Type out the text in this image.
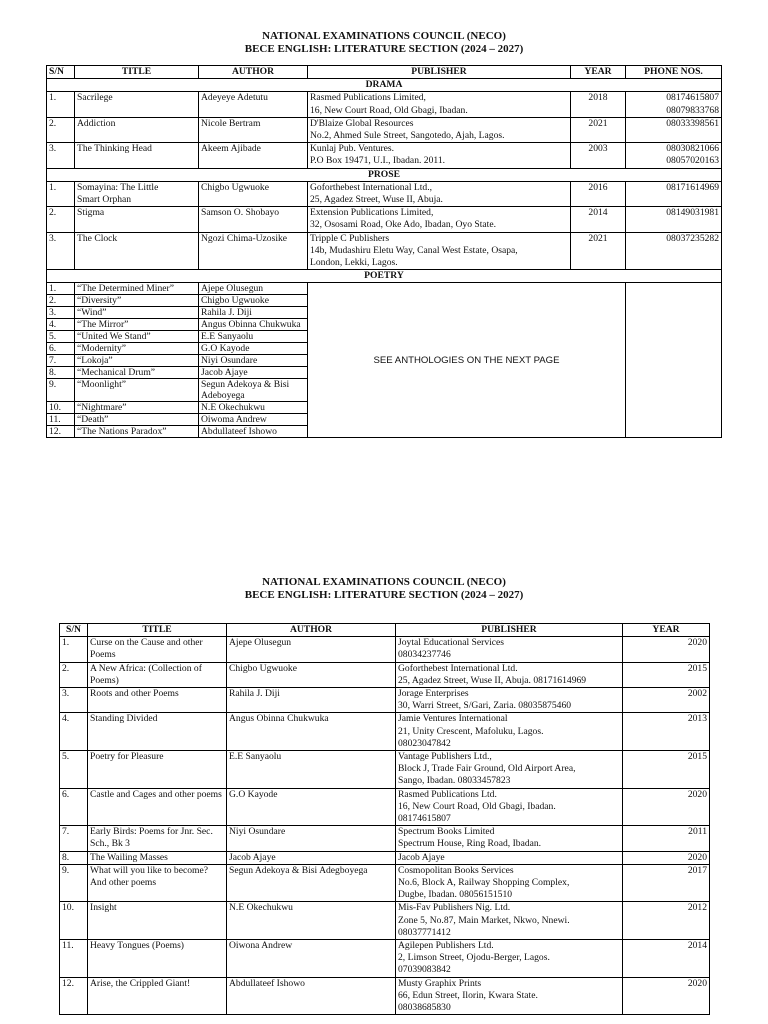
NATIONAL EXAMINATIONS COUNCIL (NECO)
BECE ENGLISH: LITERATURE SECTION (2024 – 2027)
S/N	TITLE	AUTHOR	PUBLISHER	YEAR	PHONE NOS.
DRAMA					
1.	Sacrilege	Adeyeye Adetutu	Rasmed Publications Limited,
16, New Court Road, Old Gbagi, Ibadan.	2018	08174615807
08079833768

2.	Addiction	Nicole Bertram	D'Blaize Global Resources
No.2, Ahmed Sule Street, Sangotedo, Ajah, Lagos.	2021	08033398561

3.	The Thinking Head	Akeem Ajibade	Kunlaj Pub. Ventures.
P.O Box 19471, U.I., Ibadan. 2011.	2003	08030821066
08057020163

PROSE					
1.	Somayina: The Little
Smart Orphan	Chigbo Ugwuoke	Goforthebest International Ltd.,
25, Agadez Street, Wuse II, Abuja.	2016	08171614969

2.	Stigma	Samson O. Shobayo	Extension Publications Limited,
32, Ososami Road, Oke Ado, Ibadan, Oyo State.	2014	08149031981

3.	The Clock	Ngozi Chima-Uzosike	Tripple C Publishers
14b, Mudashiru Eletu Way, Canal West Estate, Osapa,
London, Lekki, Lagos.	2021	08037235282

POETRY					
1.	“The Determined Miner”	Ajepe Olusegun	SEE ANTHOLOGIES ON THE NEXT PAGE		
2.	“Diversity”	Chigbo Ugwuoke			
3.	“Wind”	Rahila J. Diji			
4.	“The Mirror”	Angus Obinna Chukwuka			
5.	“United We Stand”	E.E Sanyaolu			
6.	“Modernity”	G.O Kayode			
7.	“Lokoja”	Niyi Osundare			
8.	“Mechanical Drum”	Jacob Ajaye			
9.	“Moonlight”	Segun Adekoya & Bisi Adeboyega			
10.	“Nightmare”	N.E Okechukwu			
11.	“Death”	Oiwoma Andrew			
12.	“The Nations Paradox”	Abdullateef Ishowo			
NATIONAL EXAMINATIONS COUNCIL (NECO)
BECE ENGLISH: LITERATURE SECTION (2024 – 2027)
S/N	TITLE	AUTHOR	PUBLISHER	YEAR
1.	Curse on the Cause and other
Poems	Ajepe Olusegun	Joytal Educational Services
08034237746	2020
2.	A New Africa: (Collection of
Poems)	Chigbo Ugwuoke	Goforthebest International Ltd.
25, Agadez Street, Wuse II, Abuja. 08171614969	2015
3.	Roots and other Poems	Rahila J. Diji	Jorage Enterprises
30, Warri Street, S/Gari, Zaria. 08035875460	2002
4.	Standing Divided	Angus Obinna Chukwuka	Jamie Ventures International
21, Unity Crescent, Mafoluku, Lagos.
08023047842	2013
5.	Poetry for Pleasure	E.E Sanyaolu	Vantage Publishers Ltd.,
Block J, Trade Fair Ground, Old Airport Area,
Sango, Ibadan. 08033457823	2015
6.	Castle and Cages and other poems	G.O Kayode	Rasmed Publications Ltd.
16, New Court Road, Old Gbagi, Ibadan.
08174615807	2020
7.	Early Birds: Poems for Jnr. Sec.
Sch., Bk 3	Niyi Osundare	Spectrum Books Limited
Spectrum House, Ring Road, Ibadan.	2011
8.	The Wailing Masses	Jacob Ajaye	Jacob Ajaye	2020
9.	What will you like to become?
And other poems	Segun Adekoya & Bisi Adegboyega	Cosmopolitan Books Services
No.6, Block A, Railway Shopping Complex,
Dugbe, Ibadan. 08056151510	2017
10.	Insight	N.E Okechukwu	Mis-Fav Publishers Nig. Ltd.
Zone 5, No.87, Main Market, Nkwo, Nnewi.
08037771412	2012
11.	Heavy Tongues (Poems)	Oiwona Andrew	Agilepen Publishers Ltd.
2, Limson Street, Ojodu-Berger, Lagos.
07039083842	2014
12.	Arise, the Crippled Giant!	Abdullateef Ishowo	Musty Graphix Prints
66, Edun Street, Ilorin, Kwara State.
08038685830	2020
